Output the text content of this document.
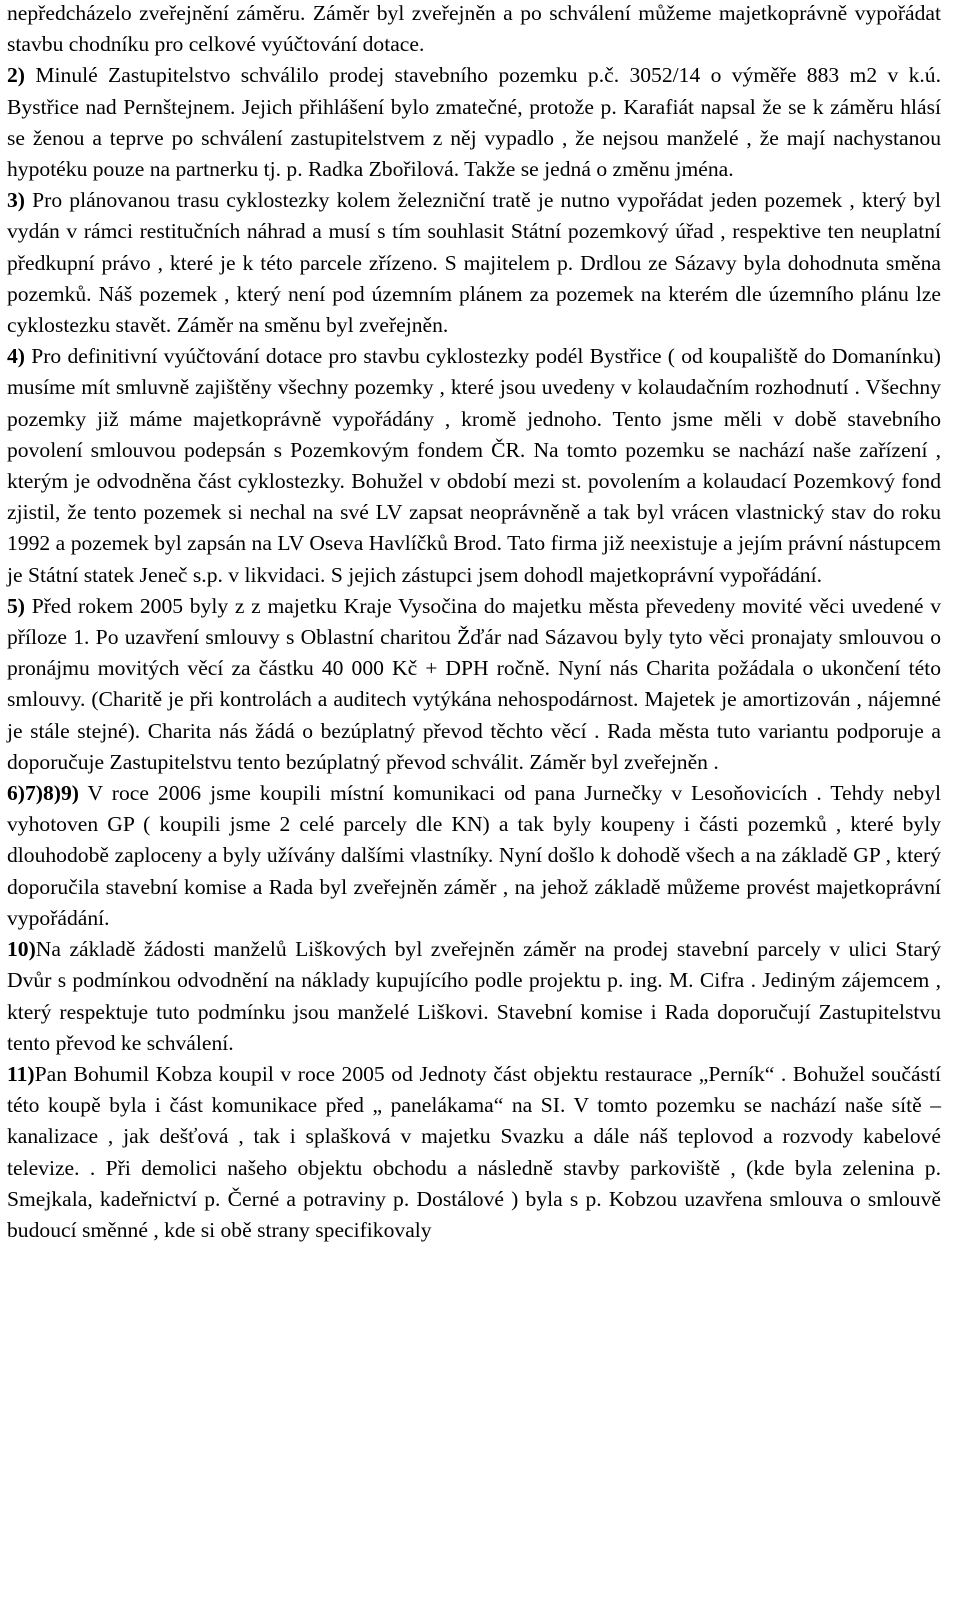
nepředcházelo zveřejnění záměru. Záměr byl zveřejněn a po schválení můžeme majetkoprávně vypořádat stavbu chodníku pro celkové vyúčtování dotace.

2) Minulé Zastupitelstvo schválilo prodej stavebního pozemku p.č. 3052/14 o výměře 883 m2 v k.ú. Bystřice nad Pernštejnem. Jejich přihlášení bylo zmatečné, protože p. Karafiát napsal že se k záměru hlásí se ženou a teprve po schválení zastupitelstvem z něj vypadlo , že nejsou manželé , že mají nachystanou hypotéku pouze na partnerku tj. p. Radka Zbořilová. Takže se jedná o změnu jména.

3) Pro plánovanou trasu cyklostezky kolem železniční tratě je nutno vypořádat jeden pozemek , který byl vydán v rámci restitučních náhrad a musí s tím souhlasit Státní pozemkový úřad , respektive ten neuplatní předkupní právo , které je k této parcele zřízeno. S majitelem p. Drdlou ze Sázavy byla dohodnuta směna pozemků. Náš pozemek , který není pod územním plánem za pozemek na kterém dle územního plánu lze cyklostezku stavět. Záměr na směnu byl zveřejněn.

4) Pro definitivní vyúčtování dotace pro stavbu cyklostezky podél Bystřice ( od koupaliště do Domanínku) musíme mít smluvně zajištěny všechny pozemky , které jsou uvedeny v kolaudačním rozhodnutí . Všechny pozemky již máme majetkoprávně vypořádány , kromě jednoho. Tento jsme měli v době stavebního povolení smlouvou podepsán s Pozemkovým fondem ČR. Na tomto pozemku se nachází naše zařízení , kterým je odvodněna část cyklostezky. Bohužel v období mezi st. povolením a kolaudací Pozemkový fond zjistil, že tento pozemek si nechal na své LV zapsat neoprávněně a tak byl vrácen vlastnický stav do roku 1992 a pozemek byl zapsán na LV Oseva Havlíčků Brod. Tato firma již neexistuje a jejím právní nástupcem je Státní statek Jeneč s.p. v likvidaci. S jejich zástupci jsem dohodl majetkoprávní vypořádání.

5) Před rokem 2005 byly z z majetku Kraje Vysočina do majetku města převedeny movité věci uvedené v příloze 1. Po uzavření smlouvy s Oblastní charitou Žďár nad Sázavou byly tyto věci pronajaty smlouvou o pronájmu movitých věcí za částku 40 000 Kč + DPH ročně. Nyní nás Charita požádala o ukončení této smlouvy. (Charitě je při kontrolách a auditech vytýkána nehospodárnost. Majetek je amortizován , nájemné je stále stejné). Charita nás žádá o bezúplatný převod těchto věcí . Rada města tuto variantu podporuje a doporučuje Zastupitelstvu tento bezúplatný převod schválit. Záměr byl zveřejněn .

6)7)8)9) V roce 2006 jsme koupili místní komunikaci od pana Jurnečky v Lesoňovicích . Tehdy nebyl vyhotoven GP ( koupili jsme 2 celé parcely dle KN) a tak byly koupeny i části pozemků , které byly dlouhodobě zaploceny a byly užívány dalšími vlastníky. Nyní došlo k dohodě všech a na základě GP , který doporučila stavební komise a Rada byl zveřejněn záměr , na jehož základě můžeme provést majetkoprávní vypořádání.

10)Na základě žádosti manželů Liškových byl zveřejněn záměr na prodej stavební parcely v ulici Starý Dvůr s podmínkou odvodnění na náklady kupujícího podle projektu p. ing. M. Cifra . Jediným zájemcem , který respektuje tuto podmínku jsou manželé Liškovi. Stavební komise i Rada doporučují Zastupitelstvu tento převod ke schválení.

11)Pan Bohumil Kobza koupil v roce 2005 od Jednoty část objektu restaurace „Perník“ . Bohužel součástí této koupě byla i část komunikace před „ panelákama“ na SI. V tomto pozemku se nachází naše sítě – kanalizace , jak dešťová , tak i splašková v majetku Svazku a dále náš teplovod a rozvody kabelové televize. . Při demolici našeho objektu obchodu a následně stavby parkoviště , (kde byla zelenina p. Smejkala, kadeřnictví p. Černé a potraviny p. Dostálové ) byla s p. Kobzou uzavřena smlouva o smlouvě budoucí směnné , kde si obě strany specifikovaly
